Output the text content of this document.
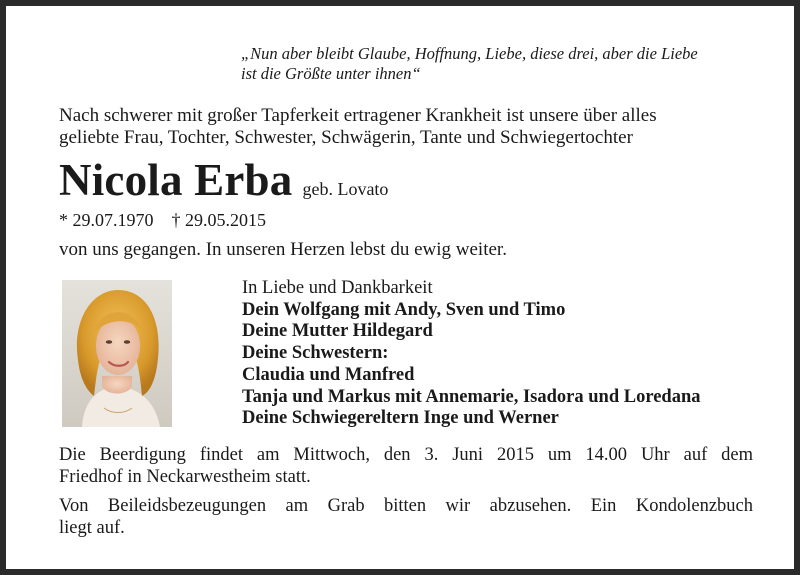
„Nun aber bleibt Glaube, Hoffnung, Liebe, diese drei, aber die Liebe
ist die Größte unter ihnen“
Nach schwerer mit großer Tapferkeit ertragener Krankheit ist unsere über alles
geliebte Frau, Tochter, Schwester, Schwägerin, Tante und Schwiegertochter
Nicola Erba geb. Lovato
* 29.07.1970 † 29.05.2015
von uns gegangen. In unseren Herzen lebst du ewig weiter.
In Liebe und Dankbarkeit
Dein Wolfgang mit Andy, Sven und Timo
Deine Mutter Hildegard
Deine Schwestern:
Claudia und Manfred
Tanja und Markus mit Annemarie, Isadora und Loredana
Deine Schwiegereltern Inge und Werner
Die Beerdigung findet am Mittwoch, den 3. Juni 2015 um 14.00 Uhr auf dem
Friedhof in Neckarwestheim statt.
Von Beileidsbezeugungen am Grab bitten wir abzusehen. Ein Kondolenzbuch
liegt auf.
